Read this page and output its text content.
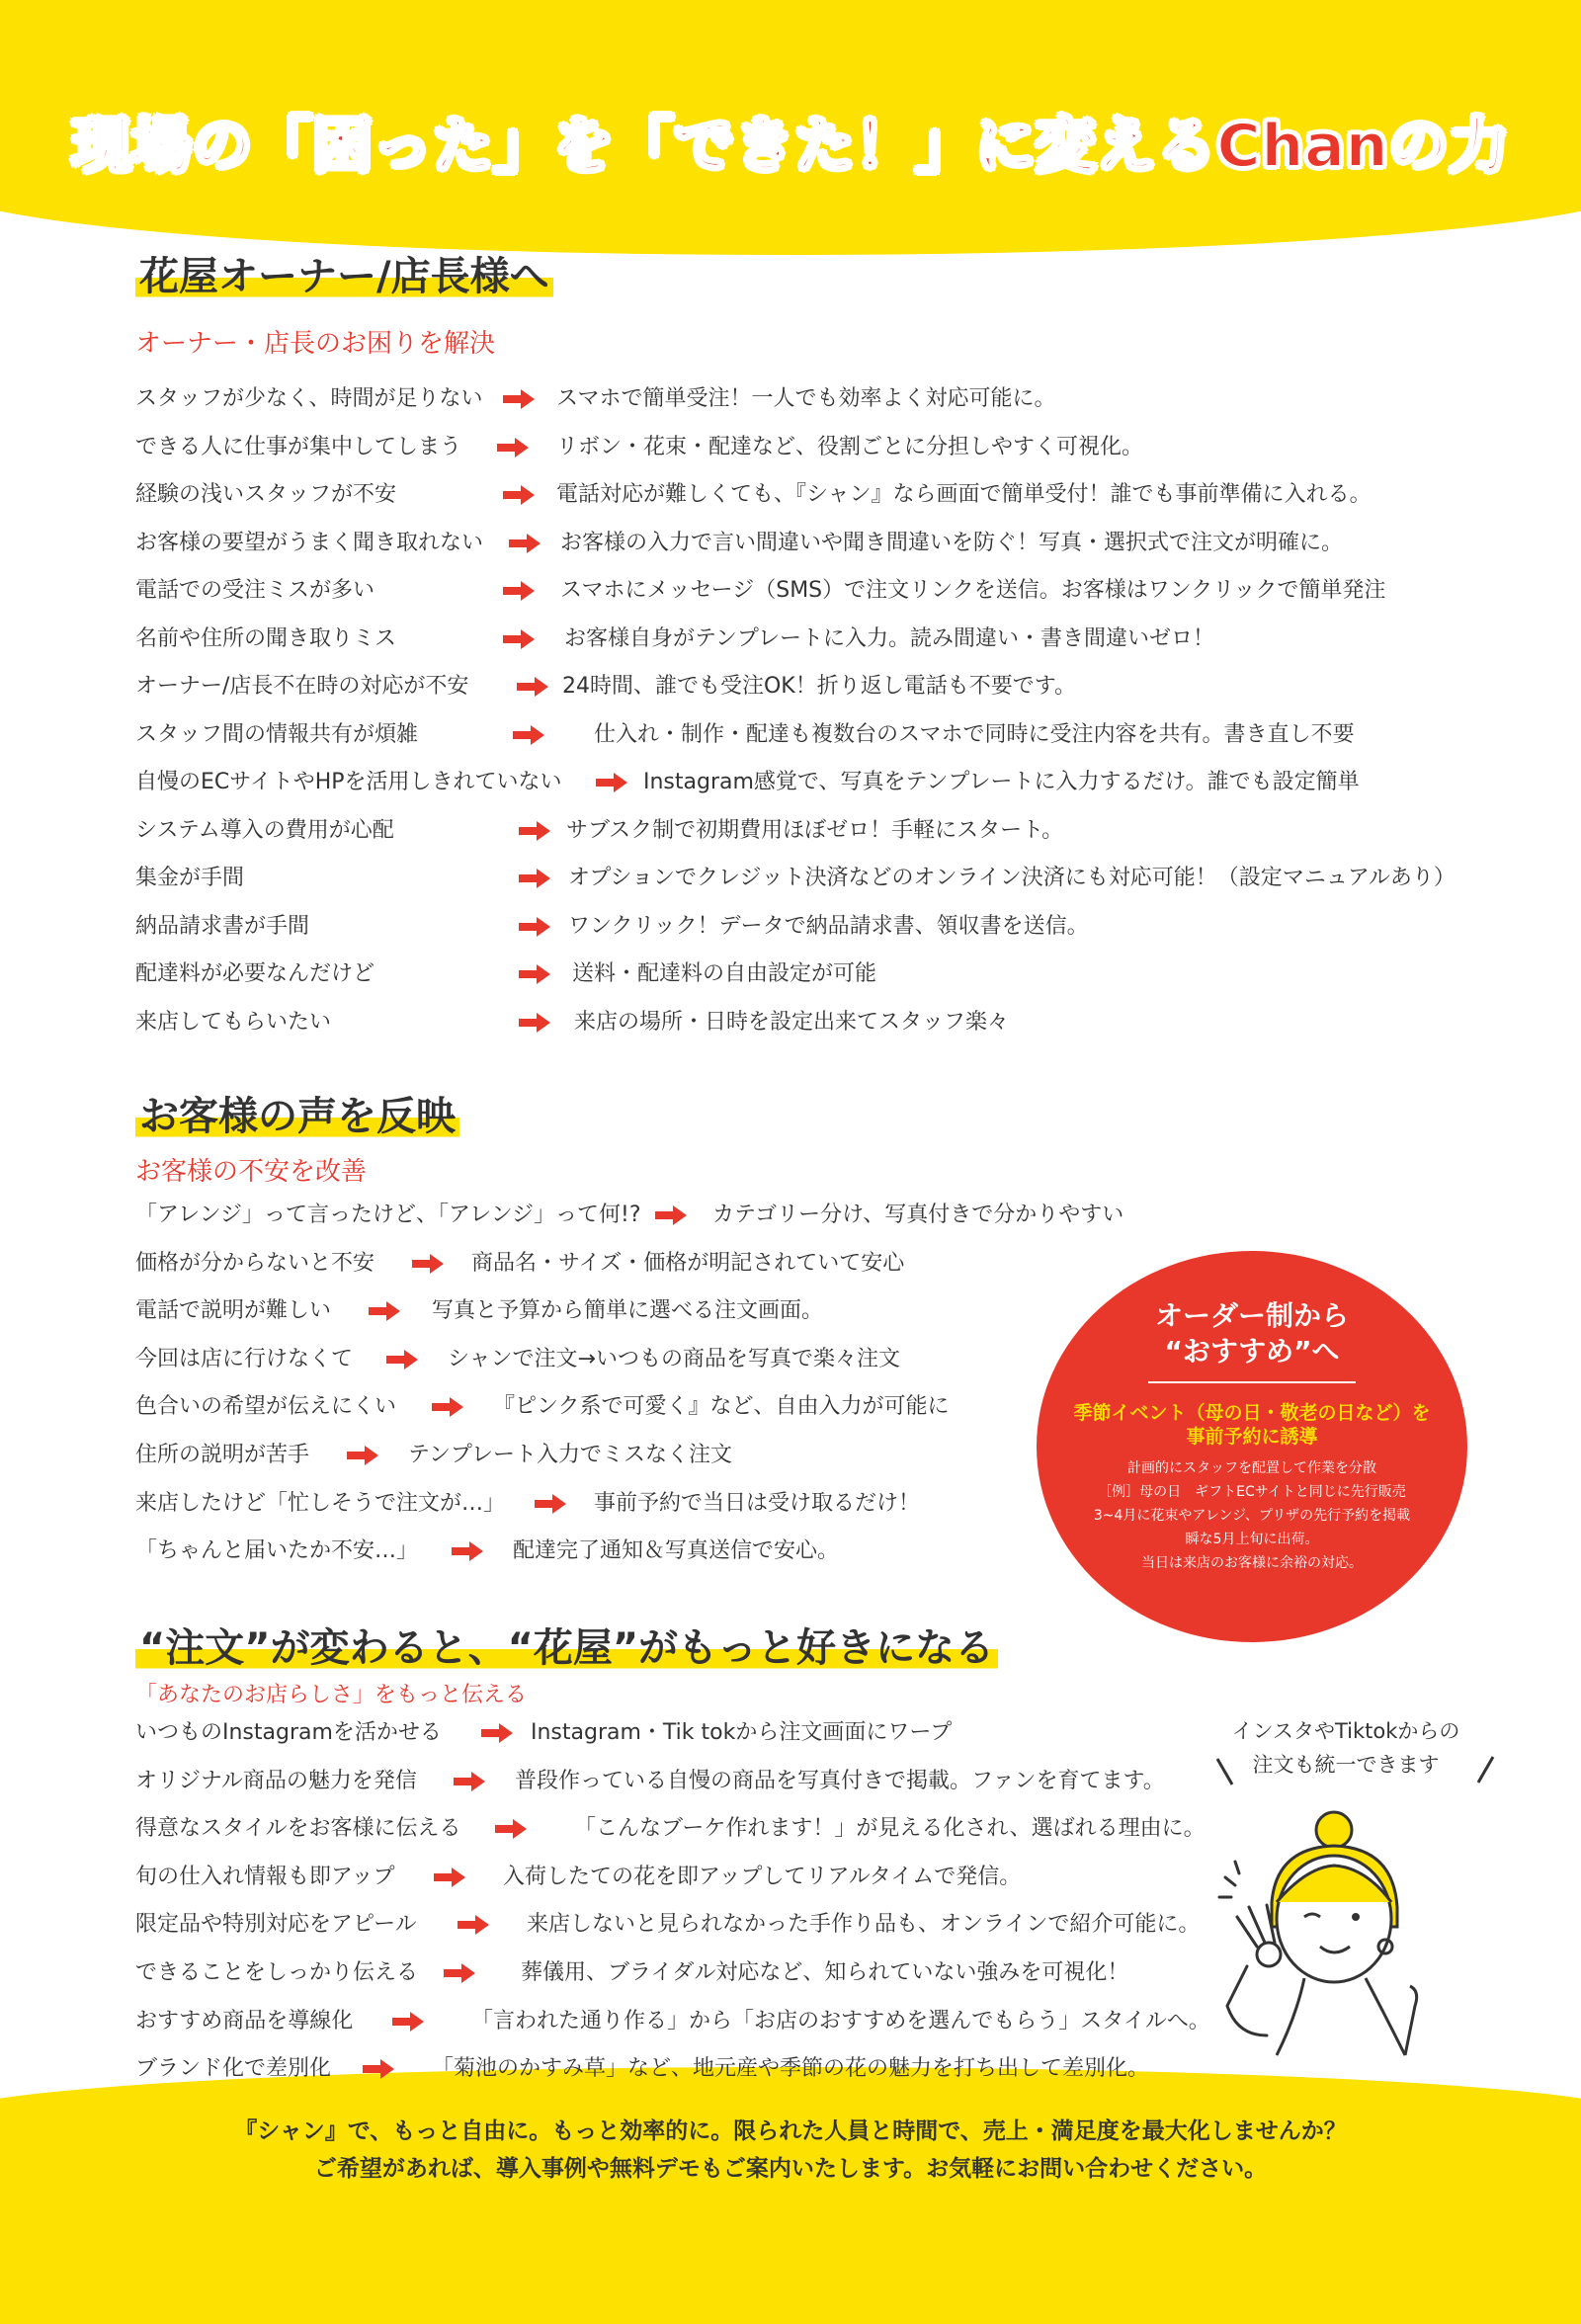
現場の「困った」を「できた！」に変えるChanの力
花屋オーナー/店長様へ
オーナー・店長のお困りを解決
スタッフが少なく、時間が足りない	スマホで簡単受注！一人でも効率よく対応可能に。
できる人に仕事が集中してしまう	リボン・花束・配達など、役割ごとに分担しやすく可視化。
経験の浅いスタッフが不安	電話対応が難しくても、『シャン』なら画面で簡単受付！誰でも事前準備に入れる。
お客様の要望がうまく聞き取れない	お客様の入力で言い間違いや聞き間違いを防ぐ！写真・選択式で注文が明確に。
電話での受注ミスが多い	スマホにメッセージ（SMS）で注文リンクを送信。お客様はワンクリックで簡単発注
名前や住所の聞き取りミス	お客様自身がテンプレートに入力。読み間違い・書き間違いゼロ！
オーナー/店長不在時の対応が不安	24時間、誰でも受注OK！折り返し電話も不要です。
スタッフ間の情報共有が煩雑	仕入れ・制作・配達も複数台のスマホで同時に受注内容を共有。書き直し不要
自慢のECサイトやHPを活用しきれていない	Instagram感覚で、写真をテンプレートに入力するだけ。誰でも設定簡単
システム導入の費用が心配	サブスク制で初期費用ほぼゼロ！手軽にスタート。
集金が手間	オプションでクレジット決済などのオンライン決済にも対応可能！（設定マニュアルあり）
納品請求書が手間	ワンクリック！データで納品請求書、領収書を送信。
配達料が必要なんだけど	送料・配達料の自由設定が可能
来店してもらいたい	来店の場所・日時を設定出来てスタッフ楽々
お客様の声を反映
お客様の不安を改善
「アレンジ」って言ったけど、「アレンジ」って何!?	カテゴリー分け、写真付きで分かりやすい
価格が分からないと不安	商品名・サイズ・価格が明記されていて安心
電話で説明が難しい	写真と予算から簡単に選べる注文画面。
今回は店に行けなくて	シャンで注文→いつもの商品を写真で楽々注文
色合いの希望が伝えにくい	『ピンク系で可愛く』など、自由入力が可能に
住所の説明が苦手	テンプレート入力でミスなく注文
来店したけど「忙しそうで注文が…」	事前予約で当日は受け取るだけ！
「ちゃんと届いたか不安…」	配達完了通知＆写真送信で安心。
オーダー制から
“おすすめ”へ
季節イベント（母の日・敬老の日など）を
事前予約に誘導
計画的にスタッフを配置して作業を分散
［例］母の日　ギフトECサイトと同じに先行販売
3~4月に花束やアレンジ、プリザの先行予約を掲載
瞬な5月上旬に出荷。
当日は来店のお客様に余裕の対応。
“注文”が変わると、“花屋”がもっと好きになる
「あなたのお店らしさ」をもっと伝える
いつものInstagramを活かせる	Instagram・Tik tokから注文画面にワープ
オリジナル商品の魅力を発信	普段作っている自慢の商品を写真付きで掲載。ファンを育てます。
得意なスタイルをお客様に伝える	「こんなブーケ作れます！」が見える化され、選ばれる理由に。
旬の仕入れ情報も即アップ	入荷したての花を即アップしてリアルタイムで発信。
限定品や特別対応をアピール	来店しないと見られなかった手作り品も、オンラインで紹介可能に。
できることをしっかり伝える	葬儀用、ブライダル対応など、知られていない強みを可視化！
おすすめ商品を導線化	「言われた通り作る」から「お店のおすすめを選んでもらう」スタイルへ。
ブランド化で差別化	「菊池のかすみ草」など、地元産や季節の花の魅力を打ち出して差別化。
インスタやTiktokからの
注文も統一できます
『シャン』で、もっと自由に。もっと効率的に。限られた人員と時間で、売上・満足度を最大化しませんか？
ご希望があれば、導入事例や無料デモもご案内いたします。お気軽にお問い合わせください。
